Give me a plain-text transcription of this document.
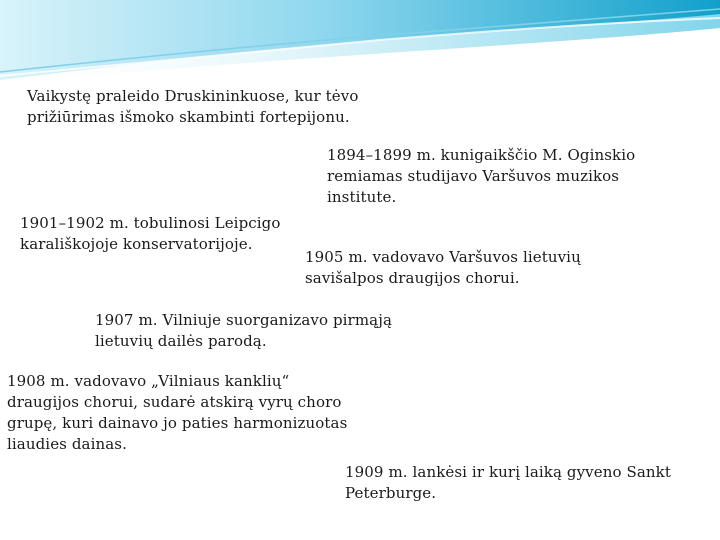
Vaikystę praleido Druskininkuose, kur tėvo prižiūrimas išmoko skambinti fortepijonu.

1894–1899 m. kunigaikščio M. Oginskio remiamas studijavo Varšuvos muzikos institute.

1901–1902 m. tobulinosi Leipcigo karališkojoje konservatorijoje.

1905 m. vadovavo Varšuvos lietuvių savišalpos draugijos chorui.

1907 m. Vilniuje suorganizavo pirmąją lietuvių dailės parodą.

1908 m. vadovavo „Vilniaus kanklių“ draugijos chorui, sudarė atskirą vyrų choro grupę, kuri dainavo jo paties harmonizuotas liaudies dainas.

1909 m. lankėsi ir kurį laiką gyveno Sankt Peterburge.
